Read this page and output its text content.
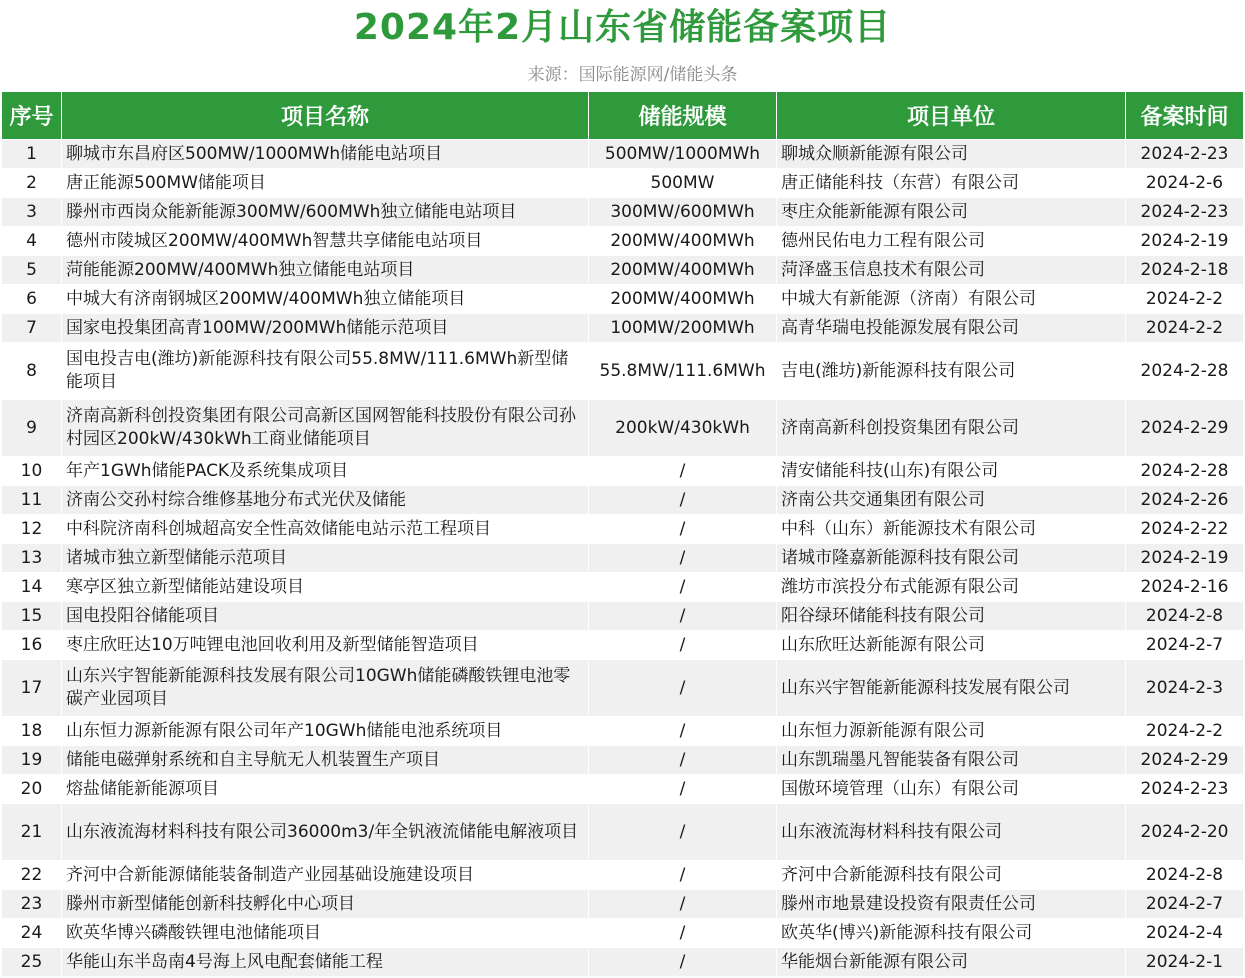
2024年2月山东省储能备案项目
来源：国际能源网/储能头条
序号	项目名称	储能规模	项目单位	备案时间
1	聊城市东昌府区500MW/1000MWh储能电站项目	500MW/1000MWh	聊城众顺新能源有限公司	2024-2-23
2	唐正能源500MW储能项目	500MW	唐正储能科技（东营）有限公司	2024-2-6
3	滕州市西岗众能新能源300MW/600MWh独立储能电站项目	300MW/600MWh	枣庄众能新能源有限公司	2024-2-23
4	德州市陵城区200MW/400MWh智慧共享储能电站项目	200MW/400MWh	德州民佑电力工程有限公司	2024-2-19
5	菏能能源200MW/400MWh独立储能电站项目	200MW/400MWh	菏泽盛玉信息技术有限公司	2024-2-18
6	中城大有济南钢城区200MW/400MWh独立储能项目	200MW/400MWh	中城大有新能源（济南）有限公司	2024-2-2
7	国家电投集团高青100MW/200MWh储能示范项目	100MW/200MWh	高青华瑞电投能源发展有限公司	2024-2-2
8	国电投吉电(潍坊)新能源科技有限公司55.8MW/111.6MWh新型储能项目	55.8MW/111.6MWh	吉电(潍坊)新能源科技有限公司	2024-2-28
9	济南高新科创投资集团有限公司高新区国网智能科技股份有限公司孙村园区200kW/430kWh工商业储能项目	200kW/430kWh	济南高新科创投资集团有限公司	2024-2-29
10	年产1GWh储能PACK及系统集成项目	/	清安储能科技(山东)有限公司	2024-2-28
11	济南公交孙村综合维修基地分布式光伏及储能	/	济南公共交通集团有限公司	2024-2-26
12	中科院济南科创城超高安全性高效储能电站示范工程项目	/	中科（山东）新能源技术有限公司	2024-2-22
13	诸城市独立新型储能示范项目	/	诸城市隆嘉新能源科技有限公司	2024-2-19
14	寒亭区独立新型储能站建设项目	/	潍坊市滨投分布式能源有限公司	2024-2-16
15	国电投阳谷储能项目	/	阳谷绿环储能科技有限公司	2024-2-8
16	枣庄欣旺达10万吨锂电池回收利用及新型储能智造项目	/	山东欣旺达新能源有限公司	2024-2-7
17	山东兴宇智能新能源科技发展有限公司10GWh储能磷酸铁锂电池零碳产业园项目	/	山东兴宇智能新能源科技发展有限公司	2024-2-3
18	山东恒力源新能源有限公司年产10GWh储能电池系统项目	/	山东恒力源新能源有限公司	2024-2-2
19	储能电磁弹射系统和自主导航无人机装置生产项目	/	山东凯瑞墨凡智能装备有限公司	2024-2-29
20	熔盐储能新能源项目	/	国傲环境管理（山东）有限公司	2024-2-23
21	山东液流海材料科技有限公司36000m3/年全钒液流储能电解液项目	/	山东液流海材料科技有限公司	2024-2-20
22	齐河中合新能源储能装备制造产业园基础设施建设项目	/	齐河中合新能源科技有限公司	2024-2-8
23	滕州市新型储能创新科技孵化中心项目	/	滕州市地景建设投资有限责任公司	2024-2-7
24	欧英华博兴磷酸铁锂电池储能项目	/	欧英华(博兴)新能源科技有限公司	2024-2-4
25	华能山东半岛南4号海上风电配套储能工程	/	华能烟台新能源有限公司	2024-2-1
